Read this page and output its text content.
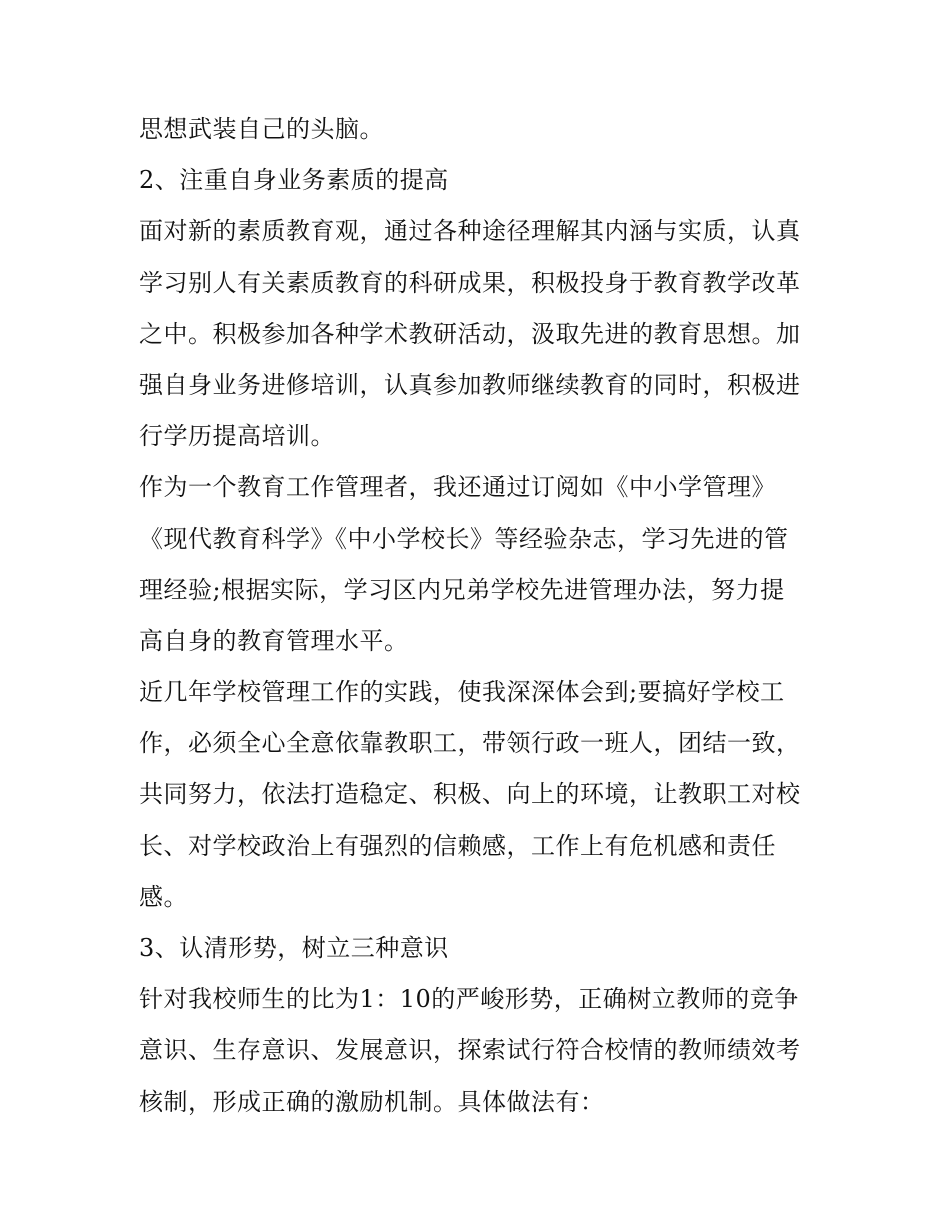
思想武装自己的头脑。
2、注重自身业务素质的提高
面对新的素质教育观，通过各种途径理解其内涵与实质，认真
学习别人有关素质教育的科研成果，积极投身于教育教学改革
之中。积极参加各种学术教研活动，汲取先进的教育思想。加
强自身业务进修培训，认真参加教师继续教育的同时，积极进
行学历提高培训。
作为一个教育工作管理者，我还通过订阅如《中小学管理》
《现代教育科学》《中小学校长》等经验杂志，学习先进的管
理经验;根据实际，学习区内兄弟学校先进管理办法，努力提
高自身的教育管理水平。
近几年学校管理工作的实践，使我深深体会到;要搞好学校工
作，必须全心全意依靠教职工，带领行政一班人，团结一致，
共同努力，依法打造稳定、积极、向上的环境，让教职工对校
长、对学校政治上有强烈的信赖感，工作上有危机感和责任
感。
3、认清形势，树立三种意识
针对我校师生的比为1：10的严峻形势，正确树立教师的竞争
意识、生存意识、发展意识，探索试行符合校情的教师绩效考
核制，形成正确的激励机制。具体做法有：
